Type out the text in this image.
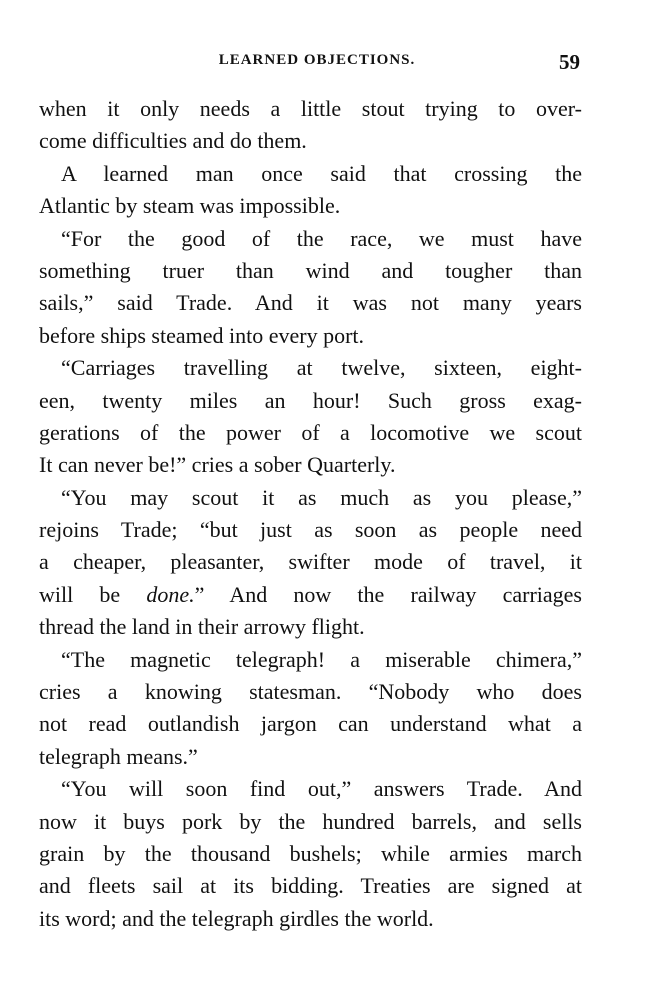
LEARNED OBJECTIONS.	59
when it only needs a little stout trying to over-
come difficulties and do them.
A learned man once said that crossing the
Atlantic by steam was impossible.
“For the good of the race, we must have
something truer than wind and tougher than
sails,” said Trade. And it was not many years
before ships steamed into every port.
“Carriages travelling at twelve, sixteen, eight-
een, twenty miles an hour! Such gross exag-
gerations of the power of a locomotive we scout
It can never be!” cries a sober Quarterly.
“You may scout it as much as you please,”
rejoins Trade; “but just as soon as people need
a cheaper, pleasanter, swifter mode of travel, it
will be done.” And now the railway carriages
thread the land in their arrowy flight.
“The magnetic telegraph! a miserable chimera,”
cries a knowing statesman. “Nobody who does
not read outlandish jargon can understand what a
telegraph means.”
“You will soon find out,” answers Trade. And
now it buys pork by the hundred barrels, and sells
grain by the thousand bushels; while armies march
and fleets sail at its bidding. Treaties are signed at
its word; and the telegraph girdles the world.
